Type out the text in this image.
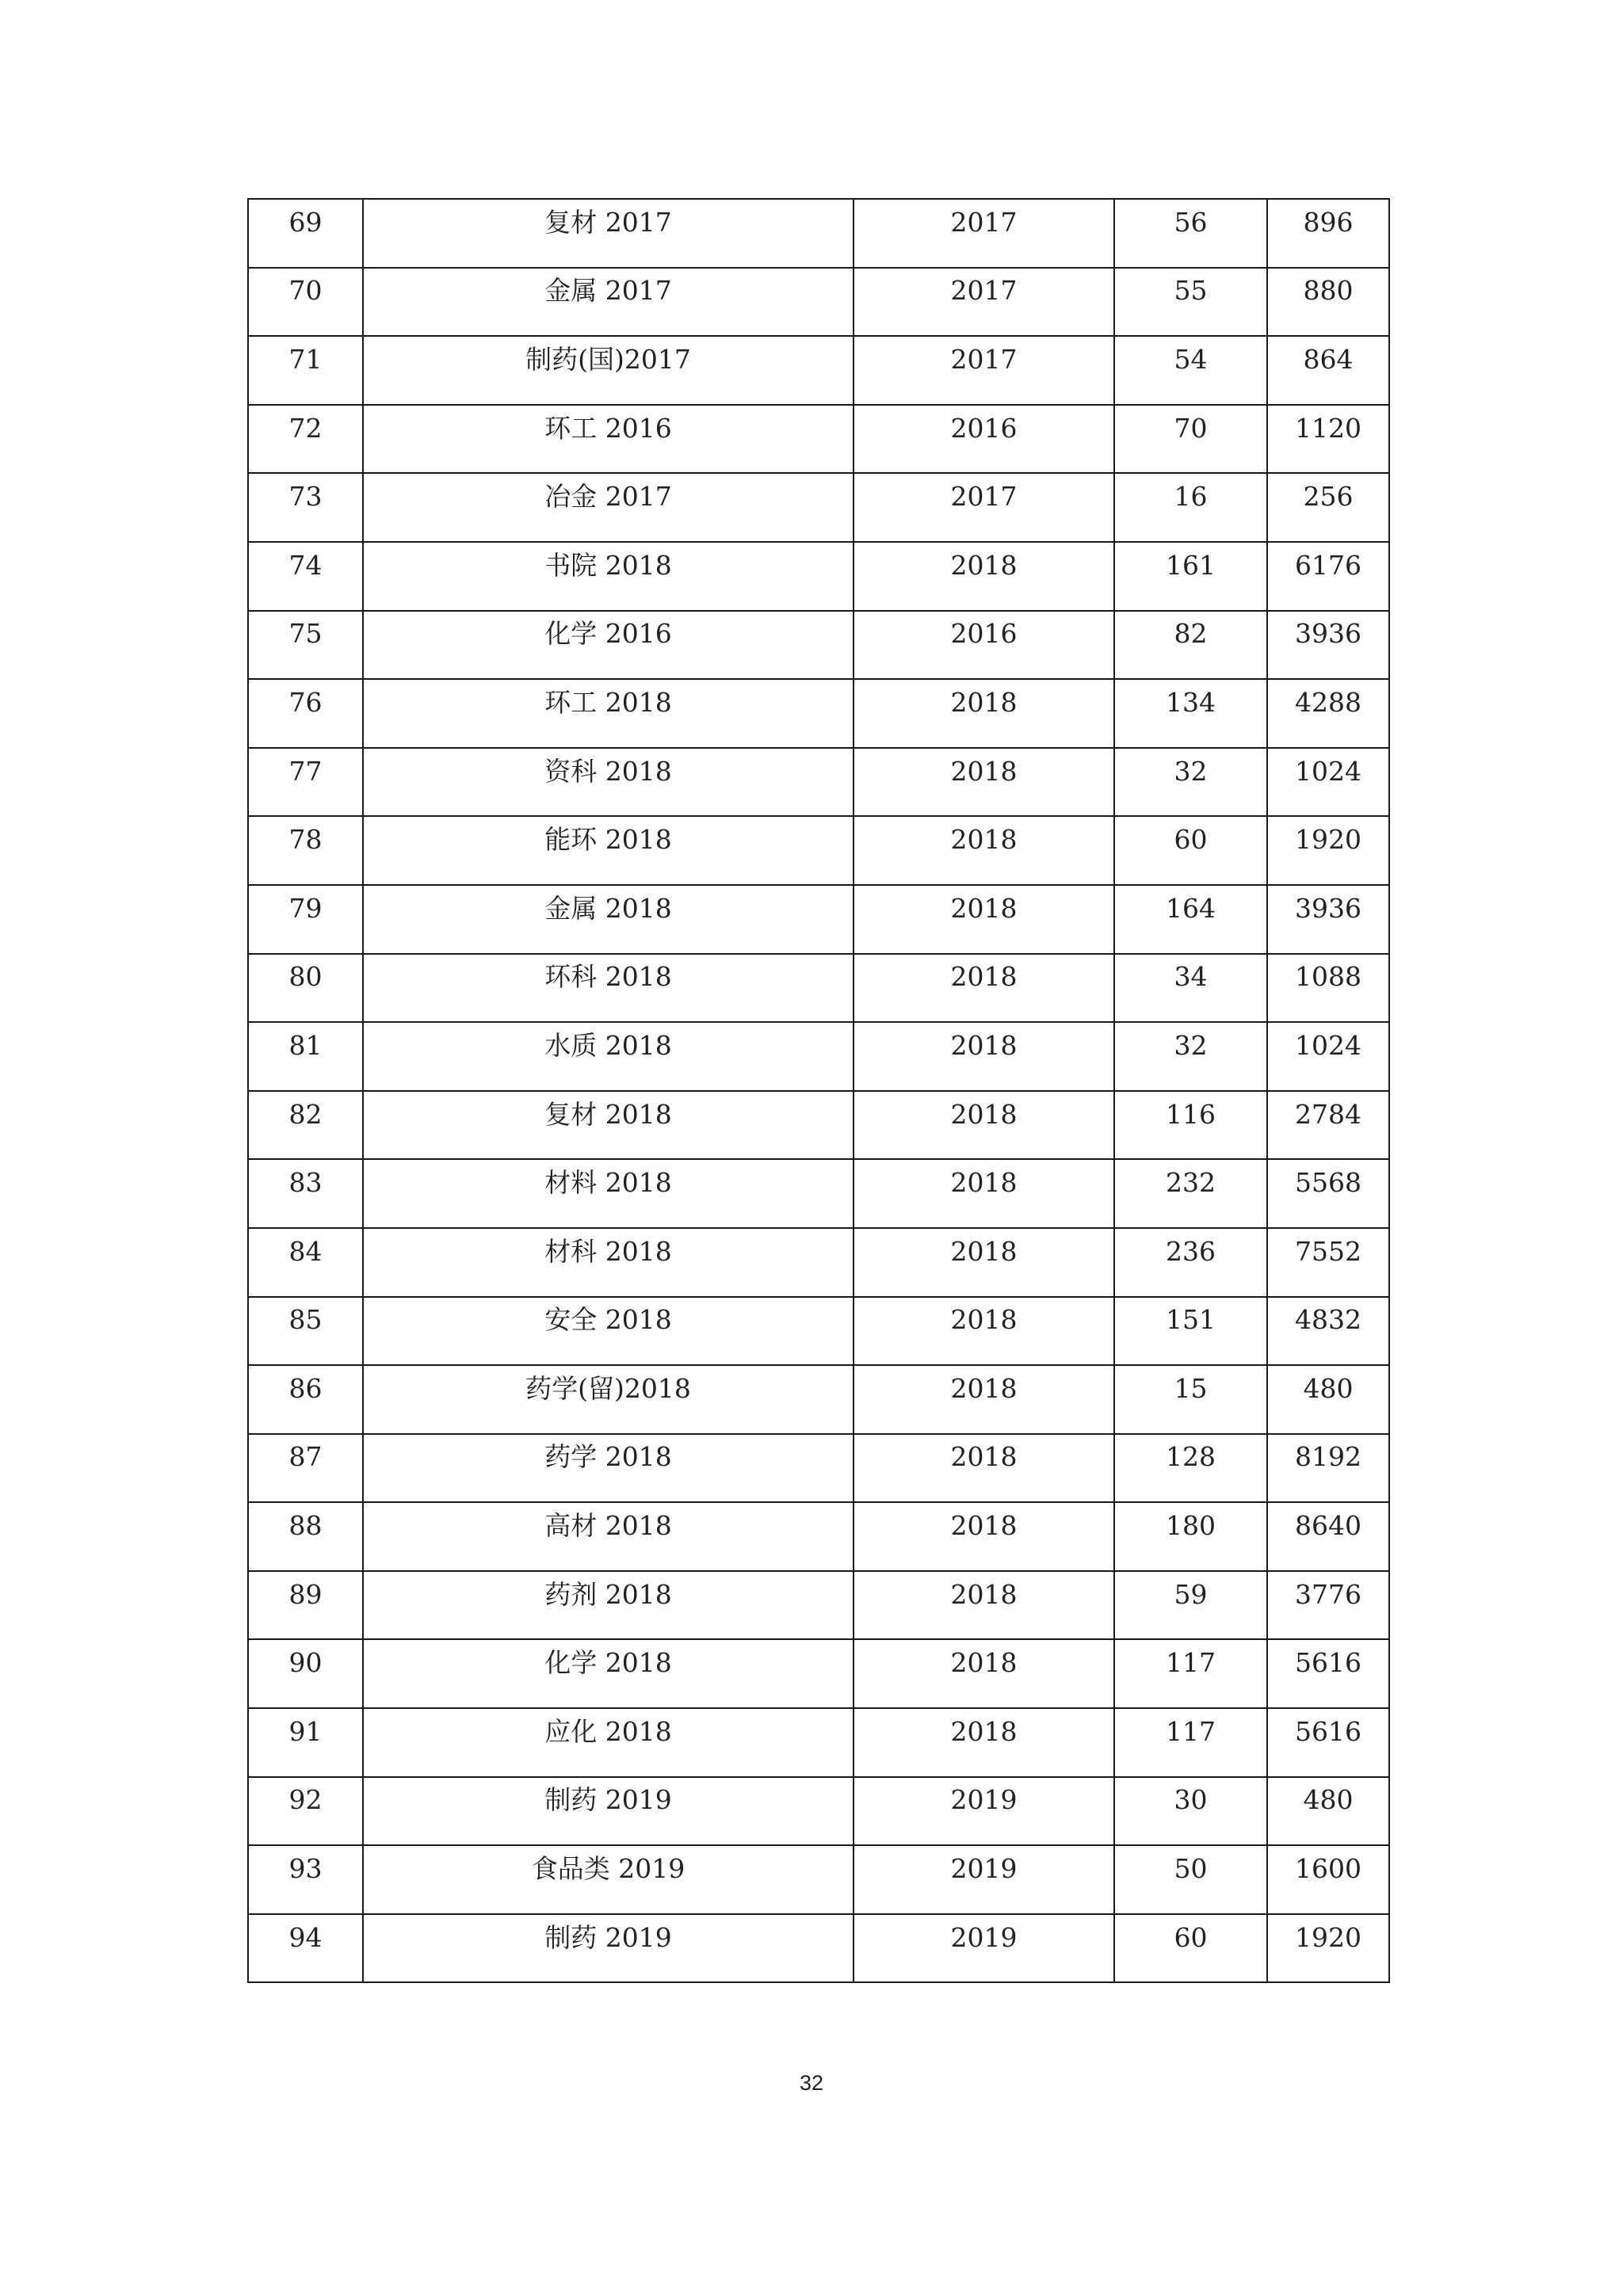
69	复材 2017	2017	56	896
70	金属 2017	2017	55	880
71	制药(国)2017	2017	54	864
72	环工 2016	2016	70	1120
73	冶金 2017	2017	16	256
74	书院 2018	2018	161	6176
75	化学 2016	2016	82	3936
76	环工 2018	2018	134	4288
77	资科 2018	2018	32	1024
78	能环 2018	2018	60	1920
79	金属 2018	2018	164	3936
80	环科 2018	2018	34	1088
81	水质 2018	2018	32	1024
82	复材 2018	2018	116	2784
83	材料 2018	2018	232	5568
84	材科 2018	2018	236	7552
85	安全 2018	2018	151	4832
86	药学(留)2018	2018	15	480
87	药学 2018	2018	128	8192
88	高材 2018	2018	180	8640
89	药剂 2018	2018	59	3776
90	化学 2018	2018	117	5616
91	应化 2018	2018	117	5616
92	制药 2019	2019	30	480
93	食品类 2019	2019	50	1600
94	制药 2019	2019	60	1920
32
